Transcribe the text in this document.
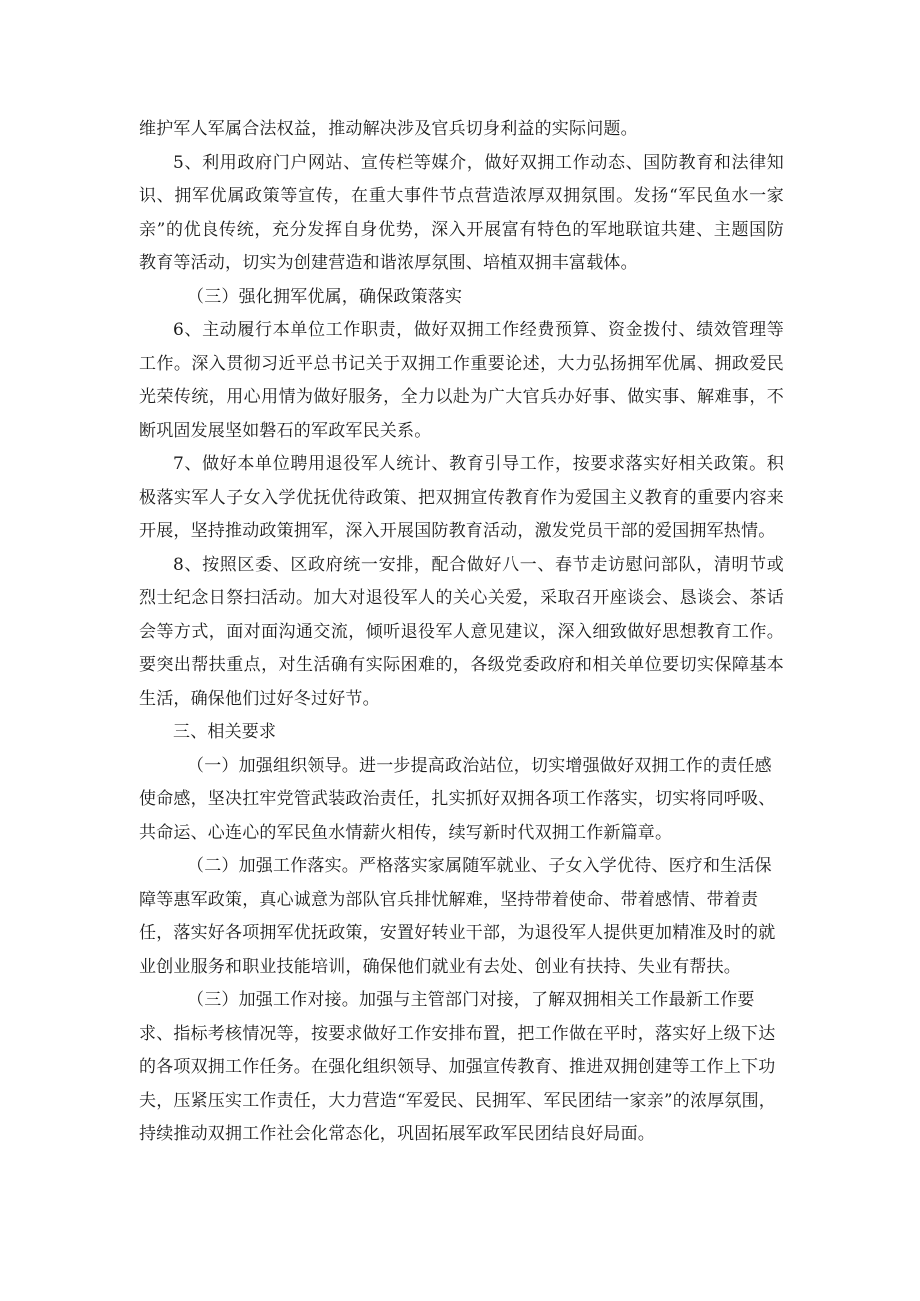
维护军人军属合法权益，推动解决涉及官兵切身利益的实际问题。

5、利用政府门户网站、宣传栏等媒介，做好双拥工作动态、国防教育和法律知识、拥军优属政策等宣传，在重大事件节点营造浓厚双拥氛围。发扬“军民鱼水一家亲”的优良传统，充分发挥自身优势，深入开展富有特色的军地联谊共建、主题国防教育等活动，切实为创建营造和谐浓厚氛围、培植双拥丰富载体。

（三）强化拥军优属，确保政策落实

6、主动履行本单位工作职责，做好双拥工作经费预算、资金拨付、绩效管理等工作。深入贯彻习近平总书记关于双拥工作重要论述，大力弘扬拥军优属、拥政爱民光荣传统，用心用情为做好服务，全力以赴为广大官兵办好事、做实事、解难事，不断巩固发展坚如磐石的军政军民关系。

7、做好本单位聘用退役军人统计、教育引导工作，按要求落实好相关政策。积极落实军人子女入学优抚优待政策、把双拥宣传教育作为爱国主义教育的重要内容来开展，坚持推动政策拥军，深入开展国防教育活动，激发党员干部的爱国拥军热情。

8、按照区委、区政府统一安排，配合做好八一、春节走访慰问部队，清明节或烈士纪念日祭扫活动。加大对退役军人的关心关爱，采取召开座谈会、恳谈会、茶话会等方式，面对面沟通交流，倾听退役军人意见建议，深入细致做好思想教育工作。要突出帮扶重点，对生活确有实际困难的，各级党委政府和相关单位要切实保障基本生活，确保他们过好冬过好节。

三、相关要求

（一）加强组织领导。进一步提高政治站位，切实增强做好双拥工作的责任感使命感，坚决扛牢党管武装政治责任，扎实抓好双拥各项工作落实，切实将同呼吸、共命运、心连心的军民鱼水情薪火相传，续写新时代双拥工作新篇章。

（二）加强工作落实。严格落实家属随军就业、子女入学优待、医疗和生活保障等惠军政策，真心诚意为部队官兵排忧解难，坚持带着使命、带着感情、带着责任，落实好各项拥军优抚政策，安置好转业干部，为退役军人提供更加精准及时的就业创业服务和职业技能培训，确保他们就业有去处、创业有扶持、失业有帮扶。

（三）加强工作对接。加强与主管部门对接，了解双拥相关工作最新工作要求、指标考核情况等，按要求做好工作安排布置，把工作做在平时，落实好上级下达的各项双拥工作任务。在强化组织领导、加强宣传教育、推进双拥创建等工作上下功夫，压紧压实工作责任，大力营造“军爱民、民拥军、军民团结一家亲”的浓厚氛围，持续推动双拥工作社会化常态化，巩固拓展军政军民团结良好局面。
